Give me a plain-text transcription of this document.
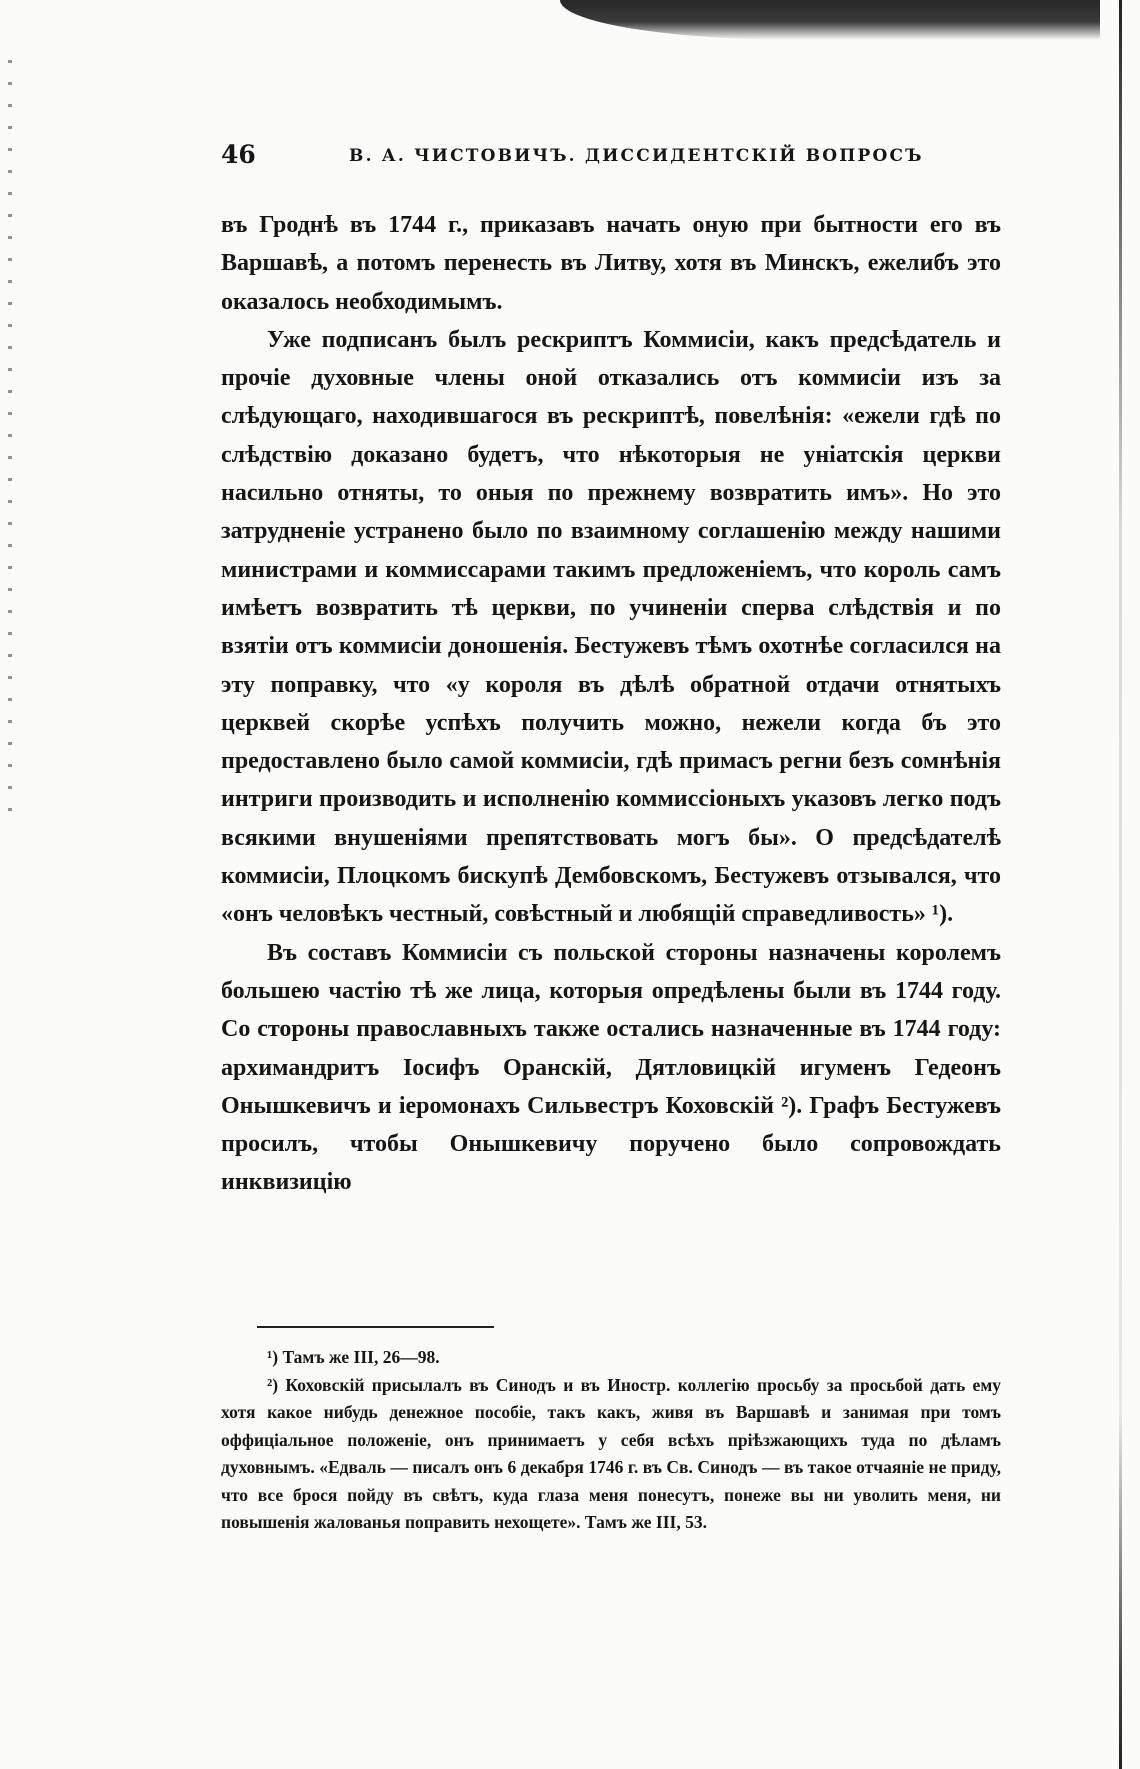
46	В. А. ЧИСТОВИЧЪ. ДИССИДЕНТСКІЙ ВОПРОСЪ

въ Гроднѣ въ 1744 г., приказавъ начать оную при бытности его въ Варшавѣ, а потомъ перенесть въ Литву, хотя въ Минскъ, ежелибъ это оказалось необходимымъ.

Уже подписанъ былъ рескриптъ Коммисіи, какъ предсѣдатель и прочіе духовные члены оной отказались отъ коммисіи изъ за слѣдующаго, находившагося въ рескриптѣ, повелѣнія: «ежели гдѣ по слѣдствію доказано будетъ, что нѣкоторыя не уніатскія церкви насильно отняты, то оныя по прежнему возвратить имъ». Но это затрудненіе устранено было по взаимному соглашенію между нашими министрами и коммиссарами такимъ предложеніемъ, что король самъ имѣетъ возвратить тѣ церкви, по учиненіи сперва слѣдствія и по взятіи отъ коммисіи доношенія. Бестужевъ тѣмъ охотнѣе согласился на эту поправку, что «у короля въ дѣлѣ обратной отдачи отнятыхъ церквей скорѣе успѣхъ получить можно, нежели когда бъ это предоставлено было самой коммисіи, гдѣ примасъ регни безъ сомнѣнія интриги производить и исполненію коммиссіоныхъ указовъ легко подъ всякими внушеніями препятствовать могъ бы». О предсѣдателѣ коммисіи, Плоцкомъ бискупѣ Дембовскомъ, Бестужевъ отзывался, что «онъ человѣкъ честный, совѣстный и любящій справедливость» ¹).

Въ составъ Коммисіи съ польской стороны назначены королемъ большею частію тѣ же лица, которыя опредѣлены были въ 1744 году. Со стороны православныхъ также остались назначенные въ 1744 году: архимандритъ Іосифъ Оранскій, Дятловицкій игуменъ Гедеонъ Онышкевичъ и іеромонахъ Сильвестръ Коховскій ²). Графъ Бестужевъ просилъ, чтобы Онышкевичу поручено было сопровождать инквизицію

¹) Тамъ же III, 26—98.

²) Коховскій присылалъ въ Синодъ и въ Иностр. коллегію просьбу за просьбой дать ему хотя какое нибудь денежное пособіе, такъ какъ, живя въ Варшавѣ и занимая при томъ оффиціальное положеніе, онъ принимаетъ у себя всѣхъ пріѣзжающихъ туда по дѣламъ духовнымъ. «Едваль — писалъ онъ 6 декабря 1746 г. въ Св. Синодъ — въ такое отчаяніе не приду, что все брося пойду въ свѣтъ, куда глаза меня понесутъ, понеже вы ни уволить меня, ни повышенія жалованья поправить нехощете». Тамъ же III, 53.
